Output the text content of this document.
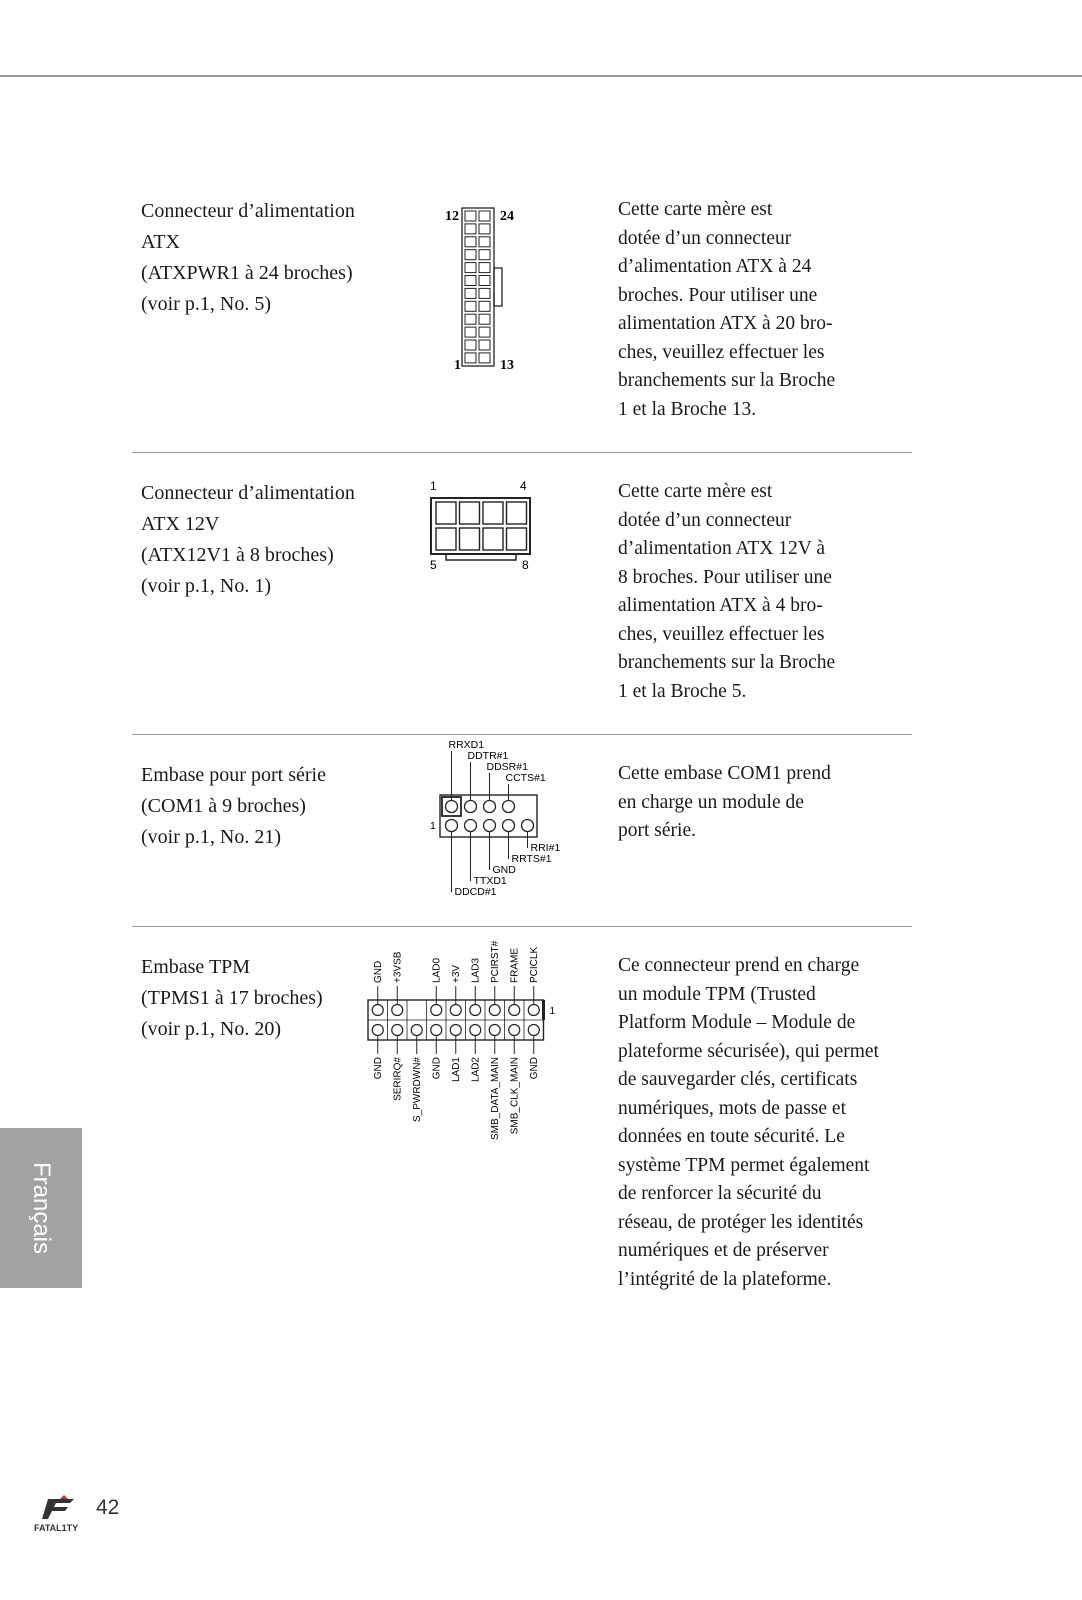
Connecteur d’alimentation
ATX
(ATXPWR1 à 24 broches)
(voir p.1, No. 5)
12	24
1	13
Cette carte mère est
dotée d’un connecteur
d’alimentation ATX à 24
broches. Pour utiliser une
alimentation ATX à 20 bro-
ches, veuillez effectuer les
branchements sur la Broche
1 et la Broche 13.
Connecteur d’alimentation
ATX 12V
(ATX12V1 à 8 broches)
(voir p.1, No. 1)
1	4
5	8
Cette carte mère est
dotée d’un connecteur
d’alimentation ATX 12V à
8 broches. Pour utiliser une
alimentation ATX à 4 bro-
ches, veuillez effectuer les
branchements sur la Broche
1 et la Broche 5.
Embase pour port série
(COM1 à 9 broches)
(voir p.1, No. 21)	1
RRXD1
DDTR#1
DDSR#1
CCTS#1
RRI#1
RRTS#1
GND
TTXD1
DDCD#1
Cette embase COM1 prend
en charge un module de
port série.
Embase TPM
(TPMS1 à 17 broches)
(voir p.1, No. 20)
1
GND +3VSB	LAD0 +3V LAD3 PCIRST# FRAME PCICLK
GND SERIRQ# S_PWRDWN# GND LAD1 LAD2 SMB_DATA_MAIN SMB_CLK_MAIN GND
Ce connecteur prend en charge
un module TPM (Trusted
Platform Module – Module de
plateforme sécurisée), qui permet
de sauvegarder clés, certificats
numériques, mots de passe et
données en toute sécurité. Le
système TPM permet également
de renforcer la sécurité du
réseau, de protéger les identités
numériques et de préserver
l’intégrité de la plateforme.
Français
FATAL1TY
42
